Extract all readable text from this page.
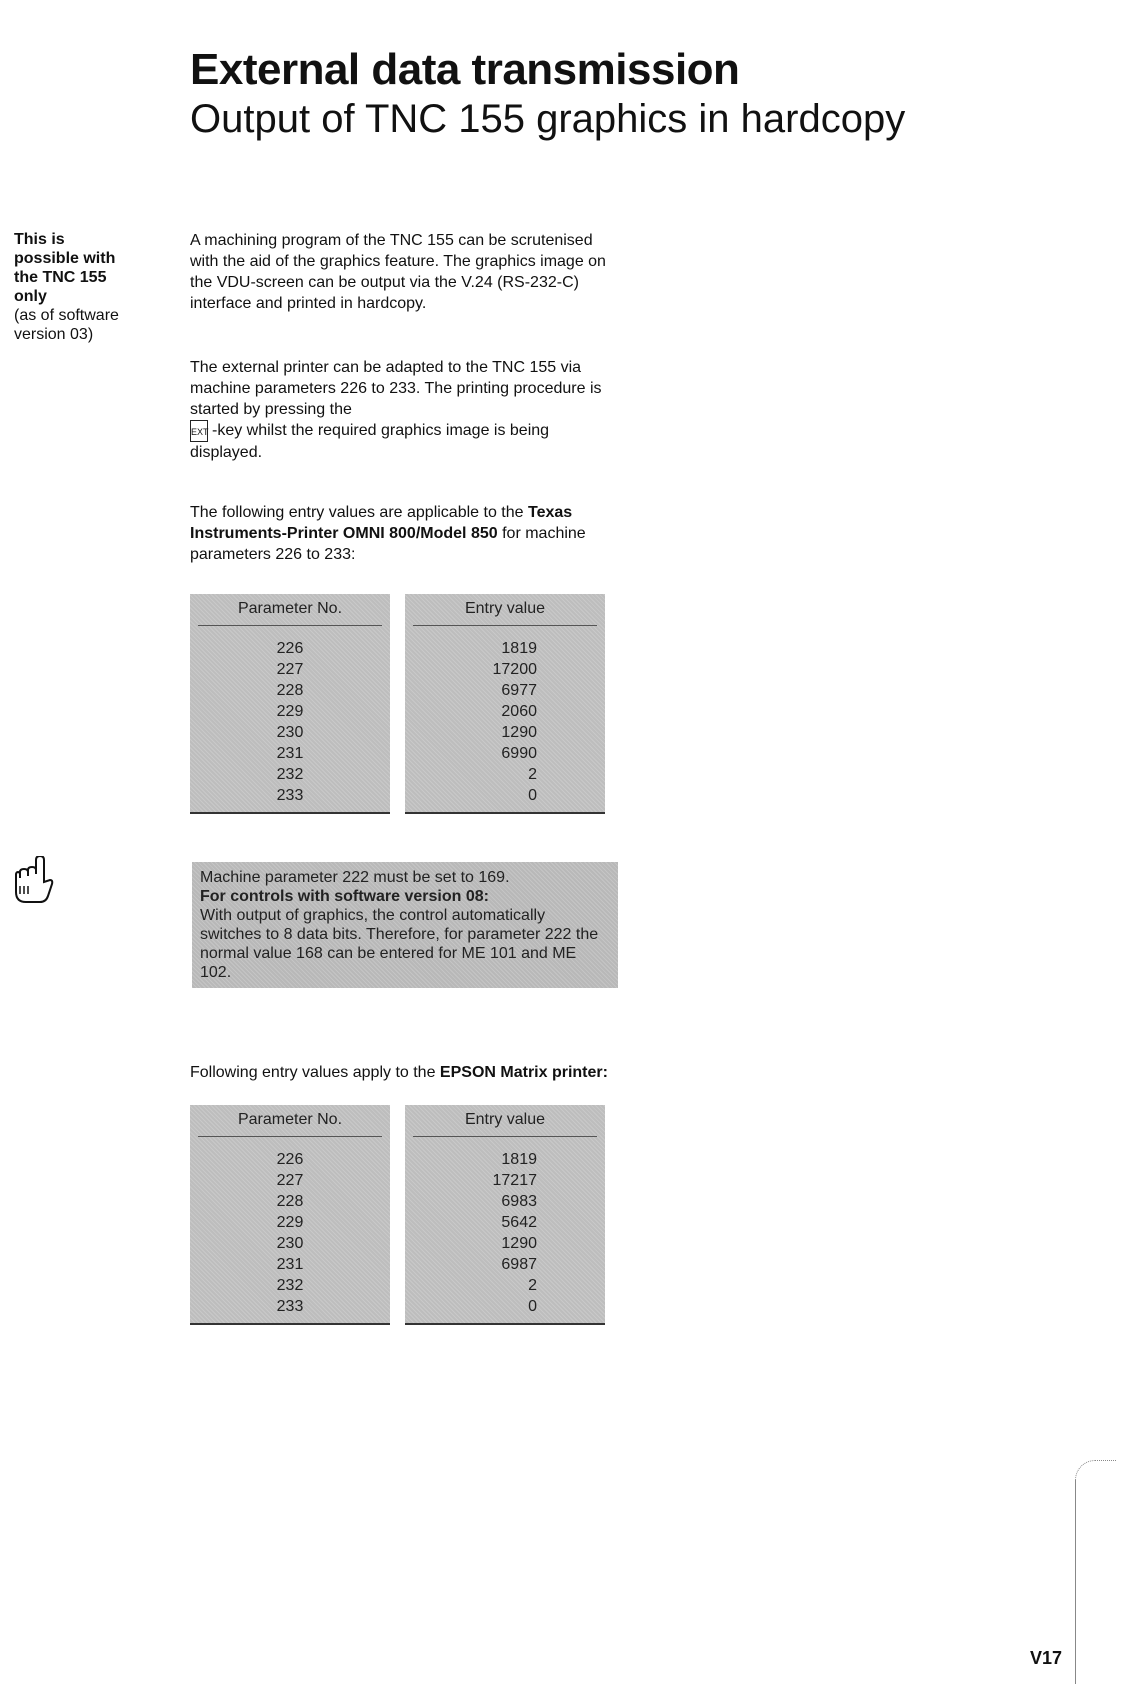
External data transmission
Output of TNC 155 graphics in hardcopy
This is
possible with
the TNC 155
only
(as of software
version 03)

A machining program of the TNC 155 can be scrutenised with the aid of the graphics feature. The graphics image on the VDU-screen can be output via the V.24 (RS-232-C) interface and printed in hardcopy.

The external printer can be adapted to the TNC 155 via machine parameters 226 to 233. The printing procedure is started by pressing the
EXT -key whilst the required graphics image is being displayed.

The following entry values are applicable to the Texas Instruments-Printer OMNI 800/Model 850 for machine parameters 226 to 233:

Parameter No.
226
227
228
229
230
231
232
233
Entry value
1819
17200
6977
2060
1290
6990
2
0
Machine parameter 222 must be set to 169.
For controls with software version 08:
With output of graphics, the control automatically switches to 8 data bits. Therefore, for parameter 222 the normal value 168 can be entered for ME 101 and ME 102.

Following entry values apply to the EPSON Matrix printer:

Parameter No.
226
227
228
229
230
231
232
233
Entry value
1819
17217
6983
5642
1290
6987
2
0
V17
